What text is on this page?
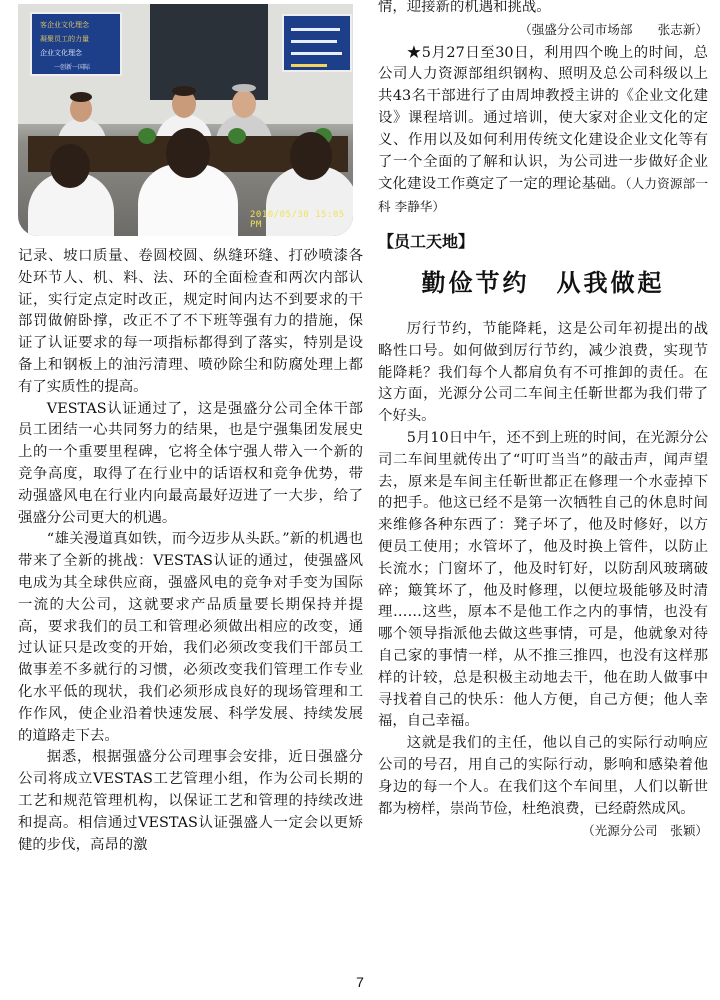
客企业文化理念
凝聚员工的力量
企业文化理念
一创新一国际
2010/05/30 15:05 PM

记录、坡口质量、卷圆校圆、纵缝环缝、打砂喷漆各处环节人、机、料、法、环的全面检查和两次内部认证，实行定点定时改正，规定时间内达不到要求的干部罚做俯卧撑，改正不了不下班等强有力的措施，保证了认证要求的每一项指标都得到了落实，特别是设备上和钢板上的油污清理、喷砂除尘和防腐处理上都有了实质性的提高。

VESTAS认证通过了，这是强盛分公司全体干部员工团结一心共同努力的结果，也是宁强集团发展史上的一个重要里程碑，它将全体宁强人带入一个新的竞争高度，取得了在行业中的话语权和竞争优势，带动强盛风电在行业内向最高最好迈进了一大步，给了强盛分公司更大的机遇。

“雄关漫道真如铁，而今迈步从头跃。”新的机遇也带来了全新的挑战：VESTAS认证的通过，使强盛风电成为其全球供应商，强盛风电的竞争对手变为国际一流的大公司，这就要求产品质量要长期保持并提高，要求我们的员工和管理必须做出相应的改变，通过认证只是改变的开始，我们必须改变我们干部员工做事差不多就行的习惯，必须改变我们管理工作专业化水平低的现状，我们必须形成良好的现场管理和工作作风，使企业沿着快速发展、科学发展、持续发展的道路走下去。

据悉，根据强盛分公司理事会安排，近日强盛分公司将成立VESTAS工艺管理小组，作为公司长期的工艺和规范管理机构，以保证工艺和管理的持续改进和提高。相信通过VESTAS认证强盛人一定会以更矫健的步伐，高昂的激

情，迎接新的机遇和挑战。

（强盛分公司市场部　　张志新）

★5月27日至30日，利用四个晚上的时间，总公司人力资源部组织钢构、照明及总公司科级以上共43名干部进行了由周坤教授主讲的《企业文化建设》课程培训。通过培训，使大家对企业文化的定义、作用以及如何利用传统文化建设企业文化等有了一个全面的了解和认识，为公司进一步做好企业文化建设工作奠定了一定的理论基础。（人力资源部一科 李静华）

【员工天地】
勤俭节约　从我做起

厉行节约，节能降耗，这是公司年初提出的战略性口号。如何做到厉行节约，减少浪费，实现节能降耗？我们每个人都肩负有不可推卸的责任。在这方面，光源分公司二车间主任靳世都为我们带了个好头。

5月10日中午，还不到上班的时间，在光源分公司二车间里就传出了“叮叮当当”的敲击声，闻声望去，原来是车间主任靳世都正在修理一个水壶掉下的把手。他这已经不是第一次牺牲自己的休息时间来维修各种东西了：凳子坏了，他及时修好，以方便员工使用；水管坏了，他及时换上管件，以防止长流水；门窗坏了，他及时钉好，以防刮风玻璃破碎；簸箕坏了，他及时修理，以便垃圾能够及时清理……这些，原本不是他工作之内的事情，也没有哪个领导指派他去做这些事情，可是，他就象对待自己家的事情一样，从不推三推四，也没有这样那样的计较，总是积极主动地去干，他在助人做事中寻找着自己的快乐：他人方便，自己方便；他人幸福，自己幸福。

这就是我们的主任，他以自己的实际行动响应公司的号召，用自己的实际行动，影响和感染着他身边的每一个人。在我们这个车间里，人们以靳世都为榜样，崇尚节俭，杜绝浪费，已经蔚然成风。

（光源分公司　张颖）

7
